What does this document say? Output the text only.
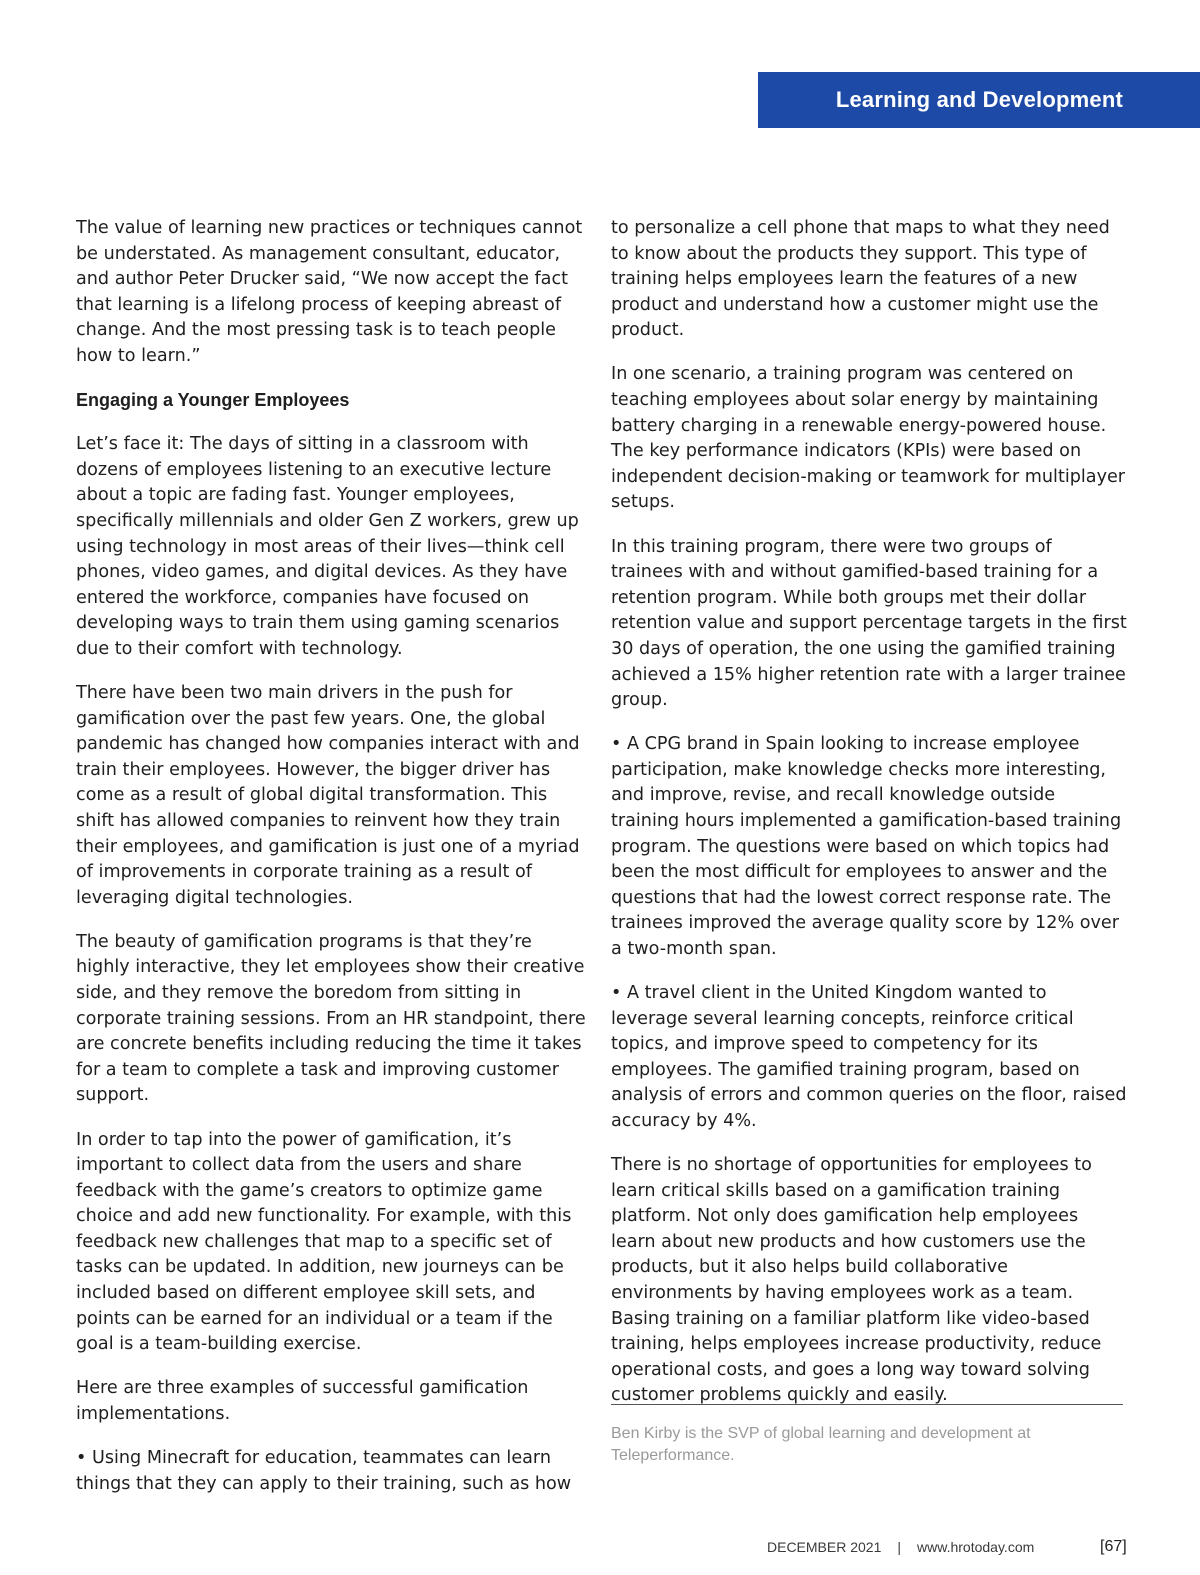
Learning and Development

The value of learning new practices or techniques cannot be understated. As management consultant, educator, and author Peter Drucker said, “We now accept the fact that learning is a lifelong process of keeping abreast of change. And the most pressing task is to teach people how to learn.”

Engaging a Younger Employees

Let’s face it: The days of sitting in a classroom with dozens of employees listening to an executive lecture about a topic are fading fast. Younger employees, specifically millennials and older Gen Z workers, grew up using technology in most areas of their lives—think cell phones, video games, and digital devices. As they have entered the workforce, companies have focused on developing ways to train them using gaming scenarios due to their comfort with technology.

There have been two main drivers in the push for gamification over the past few years. One, the global pandemic has changed how companies interact with and train their employees. However, the bigger driver has come as a result of global digital transformation. This shift has allowed companies to reinvent how they train their employees, and gamification is just one of a myriad of improvements in corporate training as a result of leveraging digital technologies.

The beauty of gamification programs is that they’re highly interactive, they let employees show their creative side, and they remove the boredom from sitting in corporate training sessions. From an HR standpoint, there are concrete benefits including reducing the time it takes for a team to complete a task and improving customer support.

In order to tap into the power of gamification, it’s important to collect data from the users and share feedback with the game’s creators to optimize game choice and add new functionality. For example, with this feedback new challenges that map to a specific set of tasks can be updated. In addition, new journeys can be included based on different employee skill sets, and points can be earned for an individual or a team if the goal is a team-building exercise.

Here are three examples of successful gamification implementations.

• Using Minecraft for education, teammates can learn things that they can apply to their training, such as how

to personalize a cell phone that maps to what they need to know about the products they support. This type of training helps employees learn the features of a new product and understand how a customer might use the product.

In one scenario, a training program was centered on teaching employees about solar energy by maintaining battery charging in a renewable energy-powered house. The key performance indicators (KPIs) were based on independent decision-making or teamwork for multiplayer setups.

In this training program, there were two groups of trainees with and without gamified-based training for a retention program. While both groups met their dollar retention value and support percentage targets in the first 30 days of operation, the one using the gamified training achieved a 15% higher retention rate with a larger trainee group.

• A CPG brand in Spain looking to increase employee participation, make knowledge checks more interesting, and improve, revise, and recall knowledge outside training hours implemented a gamification-based training program. The questions were based on which topics had been the most difficult for employees to answer and the questions that had the lowest correct response rate. The trainees improved the average quality score by 12% over a two-month span.

• A travel client in the United Kingdom wanted to leverage several learning concepts, reinforce critical topics, and improve speed to competency for its employees. The gamified training program, based on analysis of errors and common queries on the floor, raised accuracy by 4%.

There is no shortage of opportunities for employees to learn critical skills based on a gamification training platform. Not only does gamification help employees learn about new products and how customers use the products, but it also helps build collaborative environments by having employees work as a team. Basing training on a familiar platform like video-based training, helps employees increase productivity, reduce operational costs, and goes a long way toward solving customer problems quickly and easily.

Ben Kirby is the SVP of global learning and development at Teleperformance.
DECEMBER 2021 | www.hrotoday.com	[67]
